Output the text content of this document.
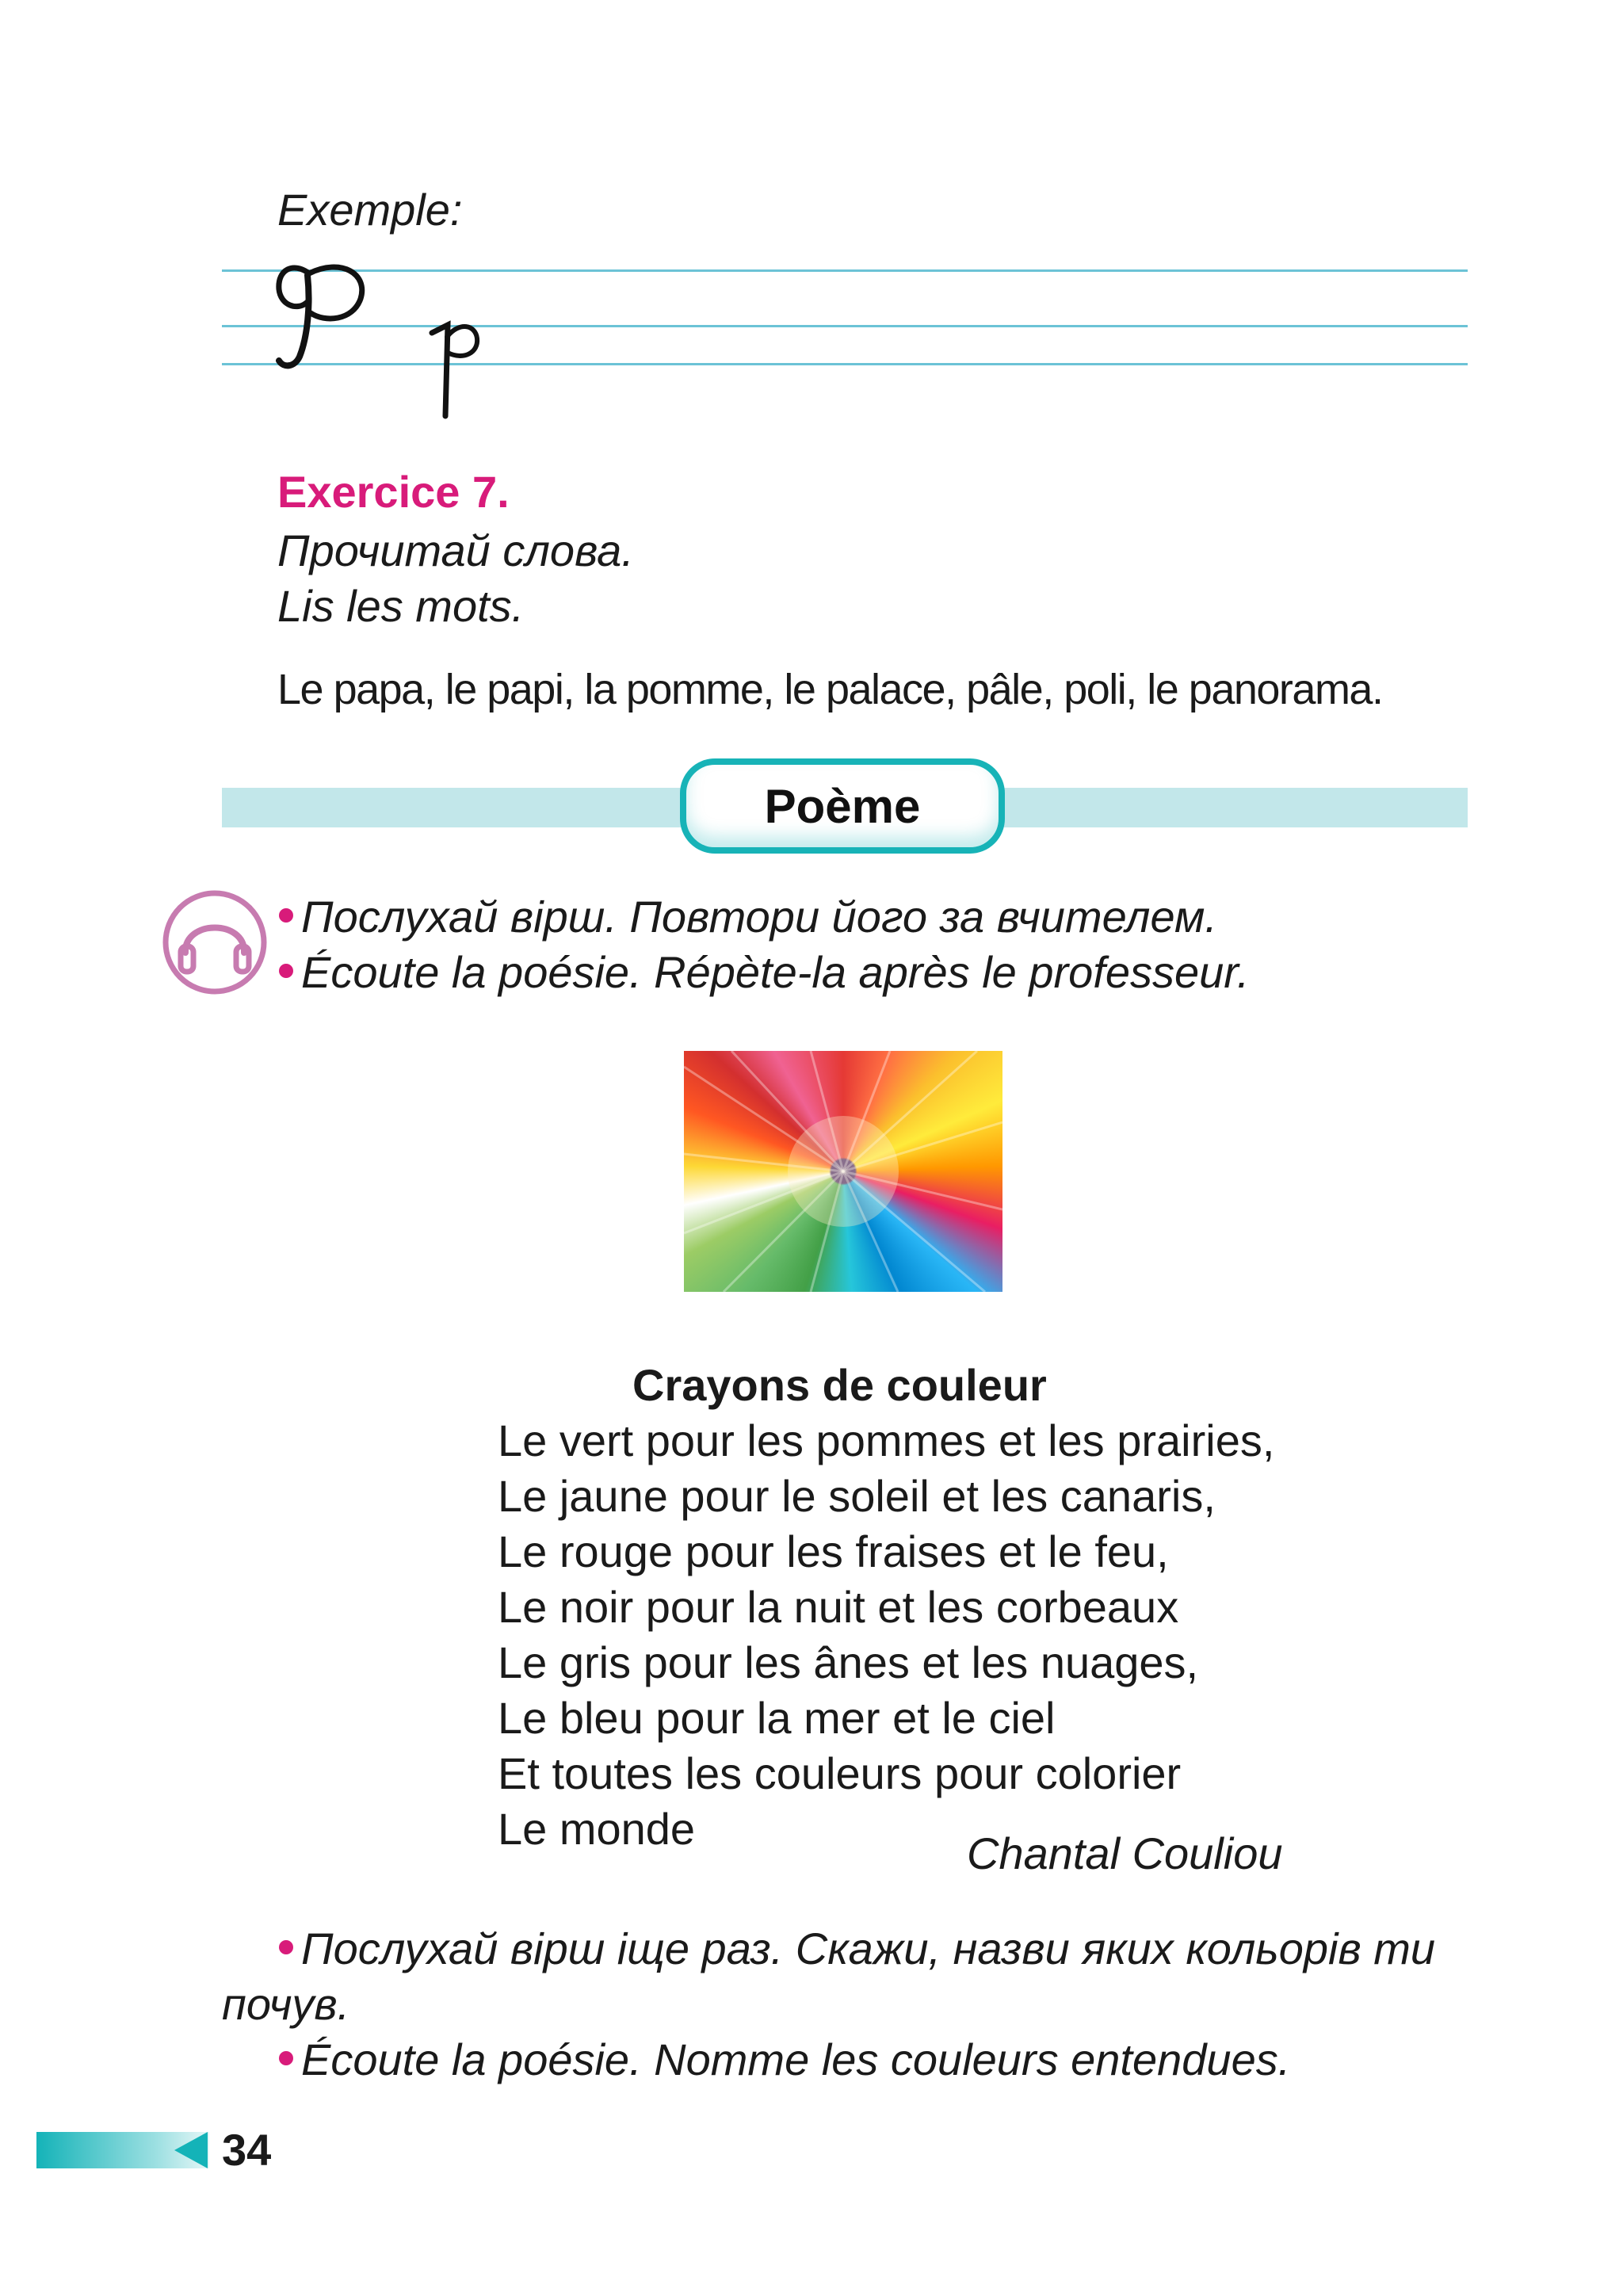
Exemple:
Exercice 7.
Прочитай слова.
Lis les mots.
Le papa, le papi, la pomme, le palace, pâle, poli, le panorama.
Poème
Послухай вірш. Повтори його за вчителем.
Écoute la poésie. Répète-la après le professeur.
Crayons de couleur
Le vert pour les pommes et les prairies,
Le jaune pour le soleil et les canaris,
Le rouge pour les fraises et le feu,
Le noir pour la nuit et les corbeaux
Le gris pour les ânes et les nuages,
Le bleu pour la mer et le ciel
Et toutes les couleurs pour colorier
Le monde	Chantal Couliou
Послухай вірш іще раз. Скажи, назви яких кольорів ти
почув.
Écoute la poésie. Nomme les couleurs entendues.
34
